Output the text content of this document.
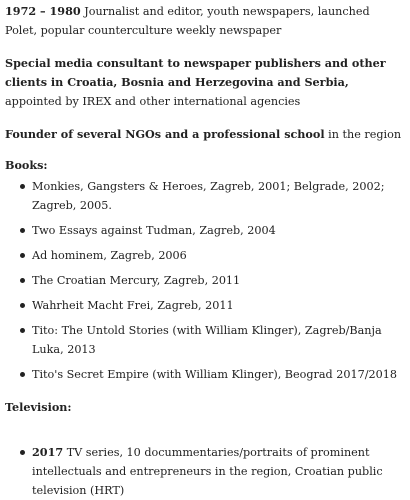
1972 – 1980 Journalist and editor, youth newspapers, launched Polet, popular counterculture weekly newspaper

Special media consultant to newspaper publishers and other clients in Croatia, Bosnia and Herzegovina and Serbia, appointed by IREX and other international agencies

Founder of several NGOs and a professional school in the region

Books:

Monkies, Gangsters & Heroes, Zagreb, 2001; Belgrade, 2002; Zagreb, 2005.
Two Essays against Tudman, Zagreb, 2004
Ad hominem, Zagreb, 2006
The Croatian Mercury, Zagreb, 2011
Wahrheit Macht Frei, Zagreb, 2011
Tito: The Untold Stories (with William Klinger), Zagreb/Banja Luka, 2013
Tito's Secret Empire (with William Klinger), Beograd 2017/2018

Television:

2017 TV series, 10 docummentaries/portraits of prominent intellectuals and entrepreneurs in the region, Croatian public television (HRT)
